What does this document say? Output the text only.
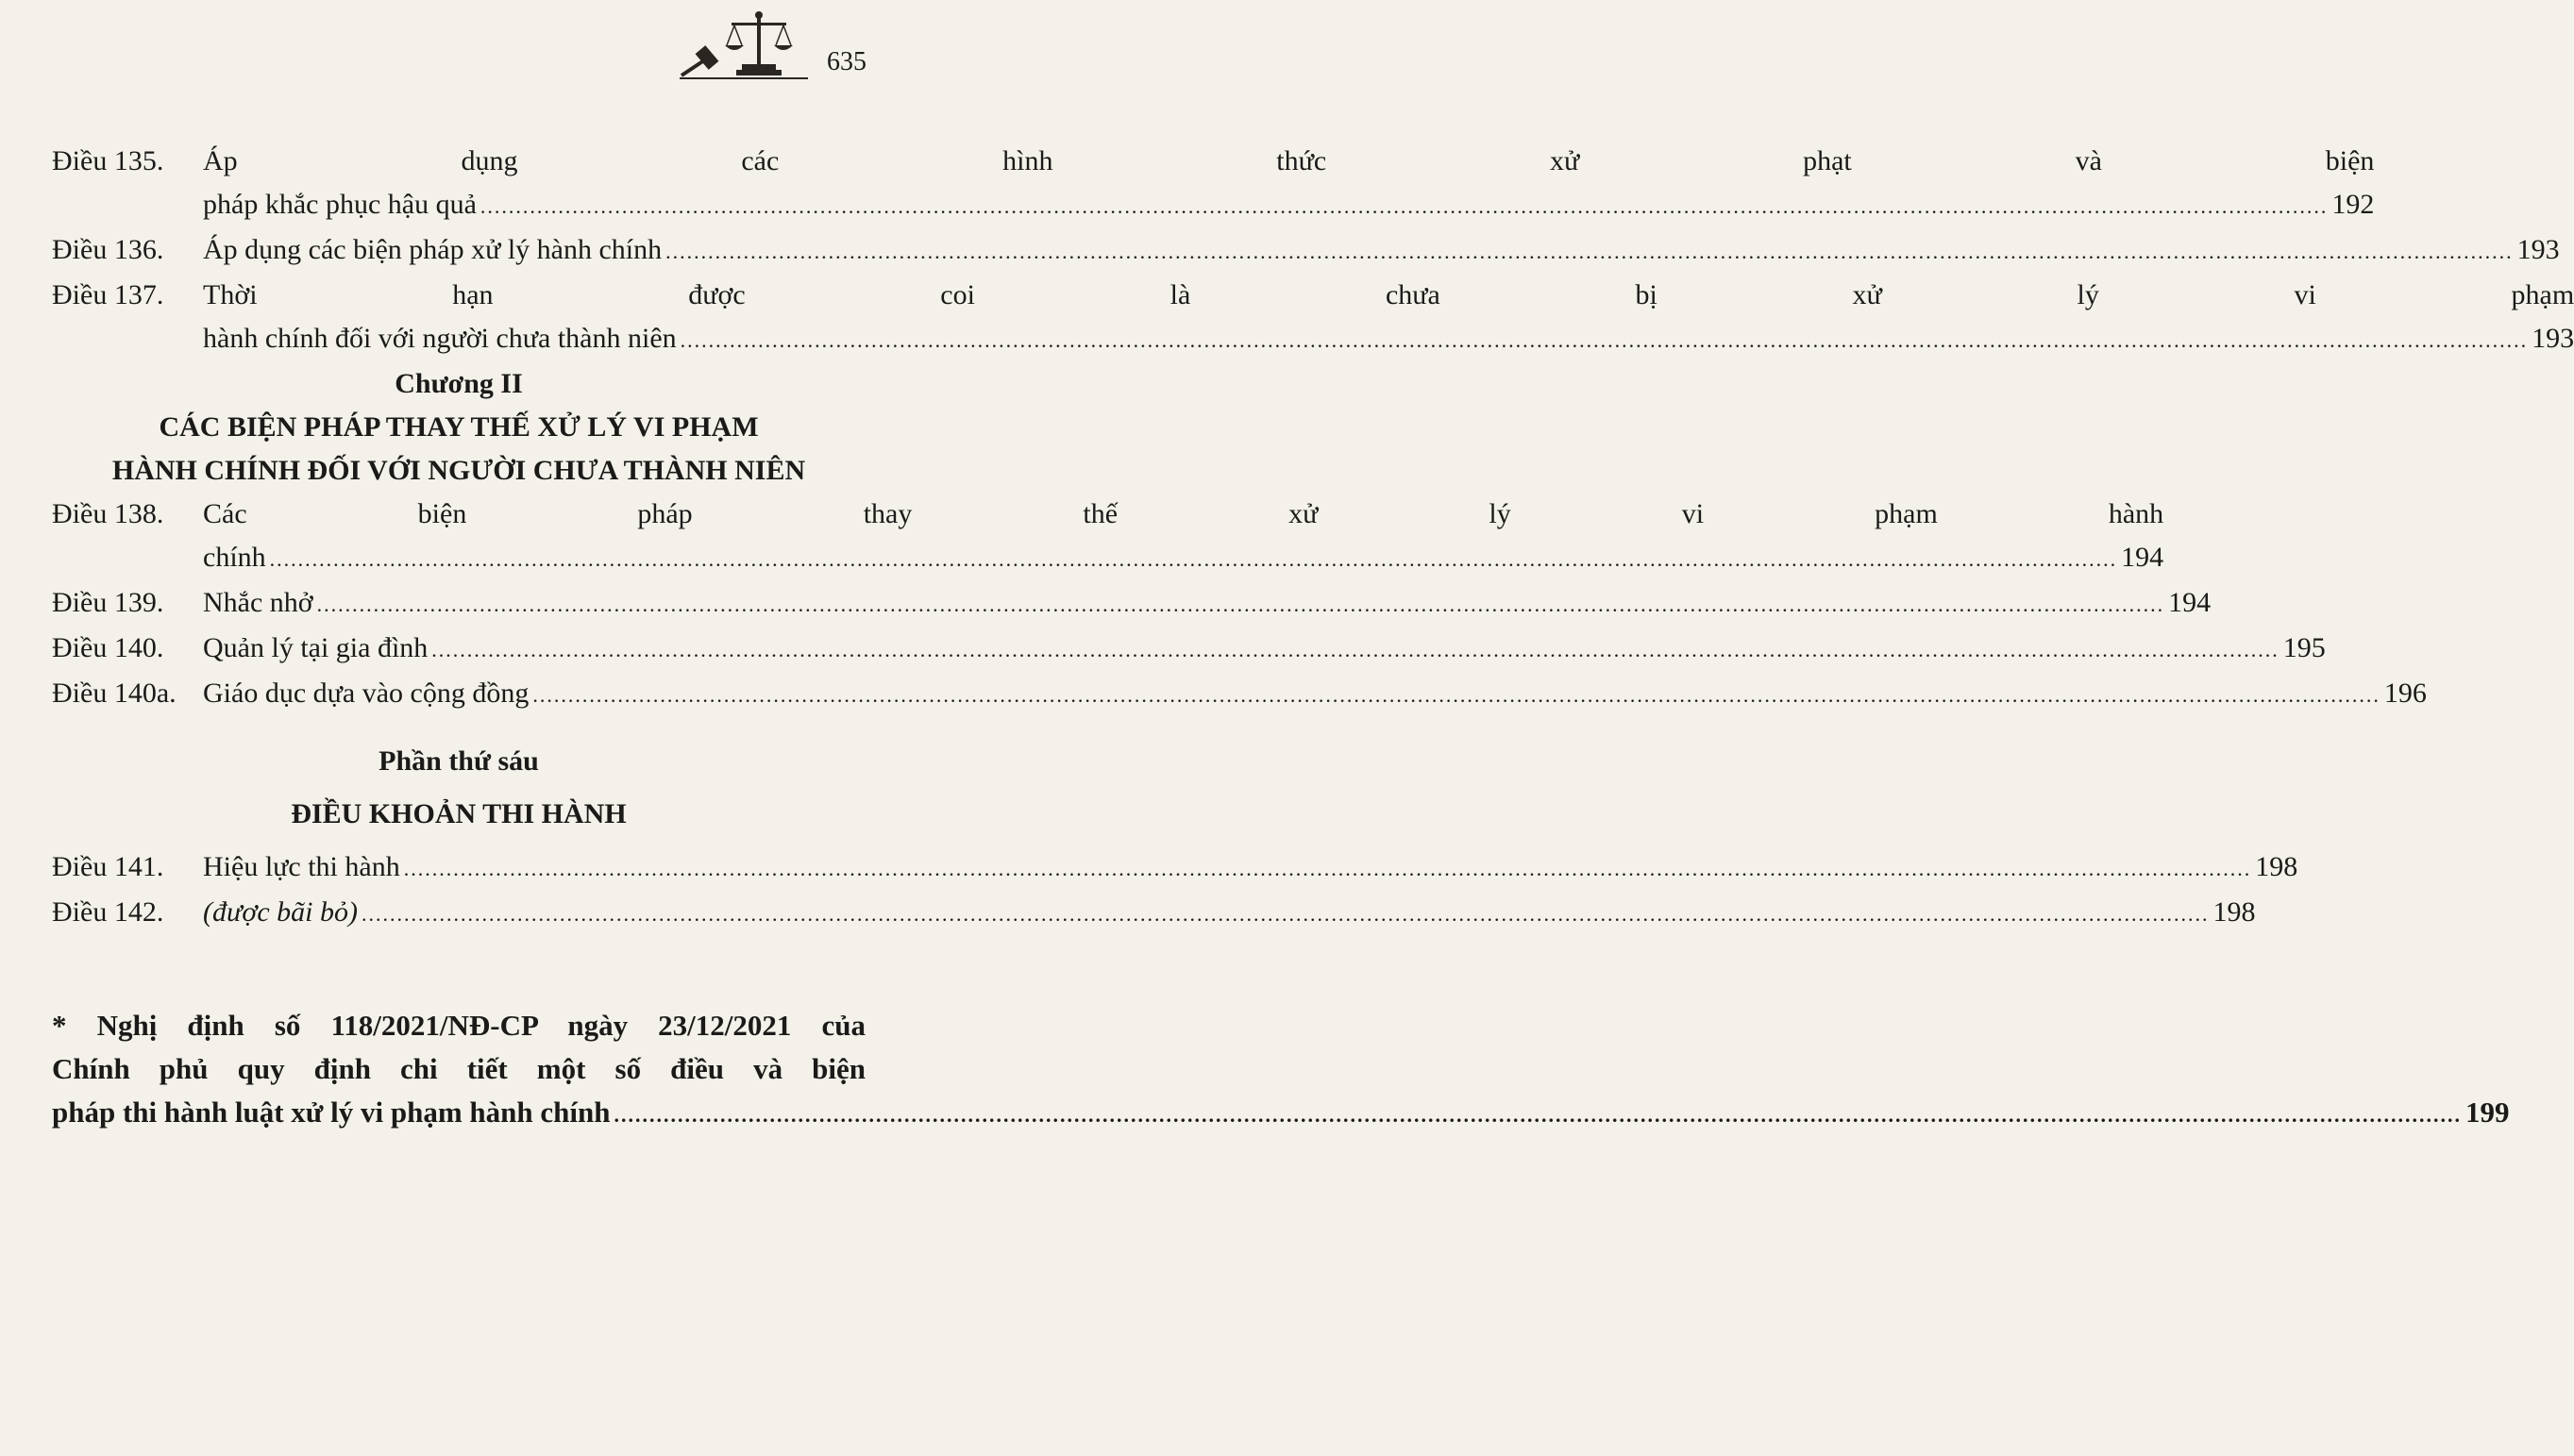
635
Điều 135.	Áp dụng các hình thức xử phạt và biện
pháp khắc phục hậu quả .....	192
Điều 136.	Áp dụng các biện pháp xử lý hành chính .....	193
Điều 137.	Thời hạn được coi là chưa bị xử lý vi phạm
hành chính đối với người chưa thành niên .....	193
Chương II
CÁC BIỆN PHÁP THAY THẾ XỬ LÝ VI PHẠM
HÀNH CHÍNH ĐỐI VỚI NGƯỜI CHƯA THÀNH NIÊN
Điều 138.	Các biện pháp thay thế xử lý vi phạm hành
chính .....	194
Điều 139.	Nhắc nhở .....	194
Điều 140.	Quản lý tại gia đình .....	195
Điều 140a. Giáo dục dựa vào cộng đồng .....	196
Phần thứ sáu
ĐIỀU KHOẢN THI HÀNH
Điều 141.	Hiệu lực thi hành .....	198
Điều 142.	(được bãi bỏ) .....	198
* Nghị định số 118/2021/NĐ-CP ngày 23/12/2021 của
Chính phủ quy định chi tiết một số điều và biện
pháp thi hành luật xử lý vi phạm hành chính .....	199
